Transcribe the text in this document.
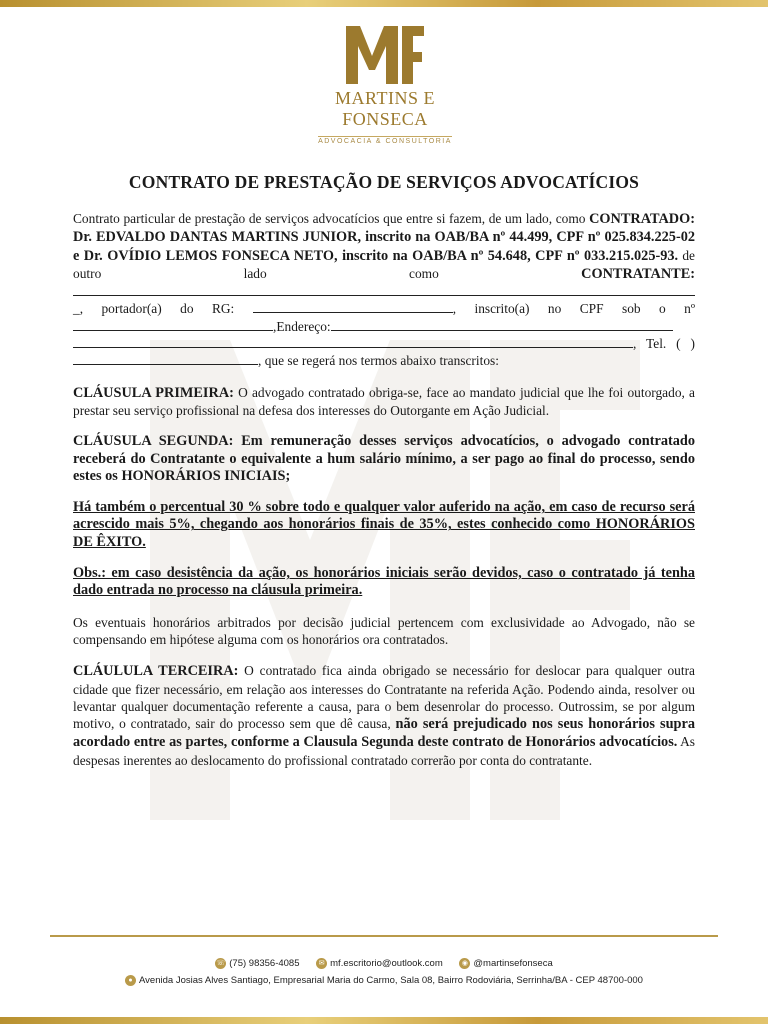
MARTINS E FONSECA
ADVOCACIA & CONSULTORIA
CONTRATO DE PRESTAÇÃO DE SERVIÇOS ADVOCATÍCIOS

Contrato particular de prestação de serviços advocatícios que entre si fazem, de um lado, como CONTRATADO: Dr. EDVALDO DANTAS MARTINS JUNIOR, inscrito na OAB/BA nº 44.499, CPF nº 025.834.225-02 e Dr. OVÍDIO LEMOS FONSECA NETO, inscrito na OAB/BA nº 54.648, CPF nº 033.215.025-93. de outro lado como CONTRATANTE:  _, portador(a) do RG:	, inscrito(a) no CPF sob o nº ,Endereço: , Tel. ( ) , que se regerá nos termos abaixo transcritos:

CLÁUSULA PRIMEIRA: O advogado contratado obriga-se, face ao mandato judicial que lhe foi outorgado, a prestar seu serviço profissional na defesa dos interesses do Outorgante em Ação Judicial.

CLÁUSULA SEGUNDA: Em remuneração desses serviços advocatícios, o advogado contratado receberá do Contratante o equivalente a hum salário mínimo, a ser pago ao final do processo, sendo estes os HONORÁRIOS INICIAIS;

Há também o percentual 30 % sobre todo e qualquer valor auferido na ação, em caso de recurso será acrescido mais 5%, chegando aos honorários finais de 35%, estes conhecido como HONORÁRIOS DE ÊXITO.

Obs.: em caso desistência da ação, os honorários iniciais serão devidos, caso o contratado já tenha dado entrada no processo na cláusula primeira.

Os eventuais honorários arbitrados por decisão judicial pertencem com exclusividade ao Advogado, não se compensando em hipótese alguma com os honorários ora contratados.

CLÁULULA TERCEIRA: O contratado fica ainda obrigado se necessário for deslocar para qualquer outra cidade que fizer necessário, em relação aos interesses do Contratante na referida Ação. Podendo ainda, resolver ou levantar qualquer documentação referente a causa, para o bem desenrolar do processo. Outrossim, se por algum motivo, o contratado, sair do processo sem que dê causa, não será prejudicado nos seus honorários supra acordado entre as partes, conforme a Clausula Segunda deste contrato de Honorários advocatícios. As despesas inerentes ao deslocamento do profissional contratado correrão por conta do contratante.

☏ (75) 98356-4085	✉ mf.escritorio@outlook.com	◉ @martinsefonseca
● Avenida Josias Alves Santiago, Empresarial Maria do Carmo, Sala 08, Bairro Rodoviária, Serrinha/BA - CEP 48700-000
